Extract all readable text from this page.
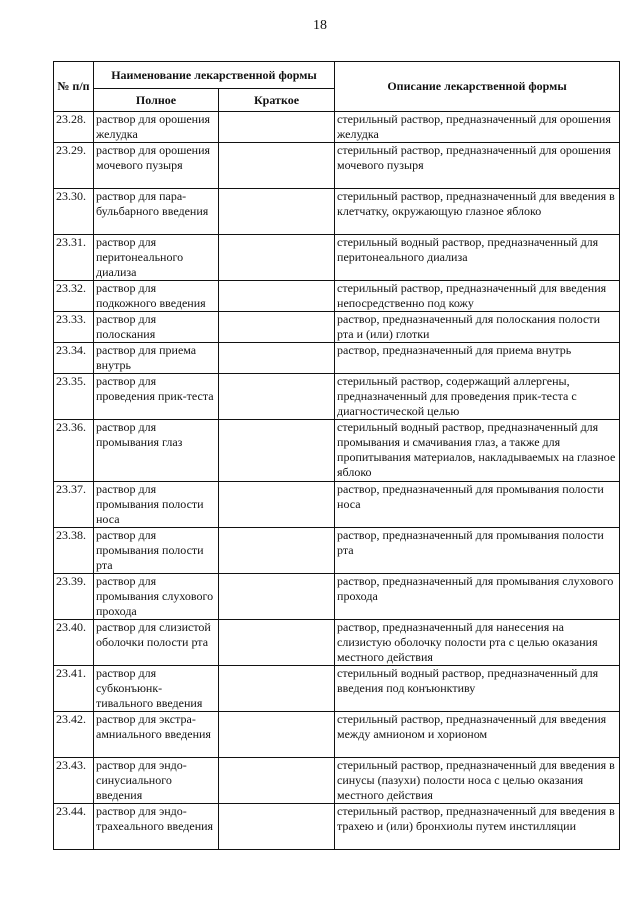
18
№ п/п	Наименование лекарственной формы		Описание лекарственной формы
	Полное	Краткое	
23.28.	раствор для орошения желудка		стерильный раствор, предназначенный для орошения желудка
23.29.	раствор для орошения мочевого пузыря		стерильный раствор, предназначенный для орошения мочевого пузыря
23.30.	раствор для пара-бульбарного введения		стерильный раствор, предназначенный для введения в клетчатку, окружающую глазное яблоко
23.31.	раствор для перитонеального диализа		стерильный водный раствор, предназначенный для перитонеального диализа
23.32.	раствор для подкожного введения		стерильный раствор, предназначенный для введения непосредственно под кожу
23.33.	раствор для полоскания		раствор, предназначенный для полоскания полости рта и (или) глотки
23.34.	раствор для приема внутрь		раствор, предназначенный для приема внутрь
23.35.	раствор для проведения прик-теста		стерильный раствор, содержащий аллергены, предназначенный для проведения прик-теста с диагностической целью
23.36.	раствор для промывания глаз		стерильный водный раствор, предназначенный для промывания и смачивания глаз, а также для пропитывания материалов, накладываемых на глазное яблоко
23.37.	раствор для промывания полости носа		раствор, предназначенный для промывания полости носа
23.38.	раствор для промывания полости рта		раствор, предназначенный для промывания полости рта
23.39.	раствор для промывания слухового прохода		раствор, предназначенный для промывания слухового прохода
23.40.	раствор для слизистой оболочки полости рта		раствор, предназначенный для нанесения на слизистую оболочку полости рта с целью оказания местного действия
23.41.	раствор для субконъюнк-тивального введения		стерильный водный раствор, предназначенный для введения под конъюнктиву
23.42.	раствор для экстра-амниального введения		стерильный раствор, предназначенный для введения между амнионом и хорионом
23.43.	раствор для эндо-синусиального введения		стерильный раствор, предназначенный для введения в синусы (пазухи) полости носа с целью оказания местного действия
23.44.	раствор для эндо-трахеального введения		стерильный раствор, предназначенный для введения в трахею и (или) бронхиолы путем инстилляции
